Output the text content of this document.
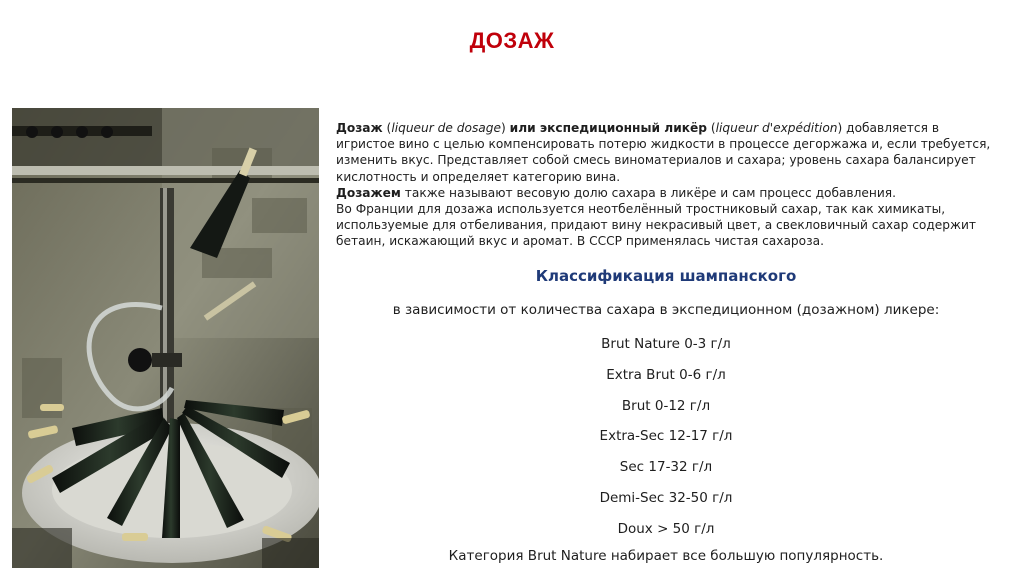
ДОЗАЖ

Дозаж (liqueur de dosage) или экспедиционный ликёр (liqueur d'expédition) добавляется в игристое вино с целью компенсировать потерю жидкости в процессе дегоржажа и, если требуется, изменить вкус. Представляет собой смесь виноматериалов и сахара; уровень сахара балансирует кислотность и определяет категорию вина.

Дозажем также называют весовую долю сахара в ликёре и сам процесс добавления.

Во Франции для дозажа используется неотбелённый тростниковый сахар, так как химикаты, используемые для отбеливания, придают вину некрасивый цвет, а свекловичный сахар содержит бетаин, искажающий вкус и аромат. В СССР применялась чистая сахароза.

Классификация шампанского
в зависимости от количества сахара в экспедиционном (дозажном) ликере:
Brut Nature 0-3 г/л
Extra Brut 0-6 г/л
Brut 0-12 г/л
Extra-Sec 12-17 г/л
Sec 17-32 г/л
Demi-Sec 32-50 г/л
Doux > 50 г/л
Категория Brut Nature набирает все большую популярность.
